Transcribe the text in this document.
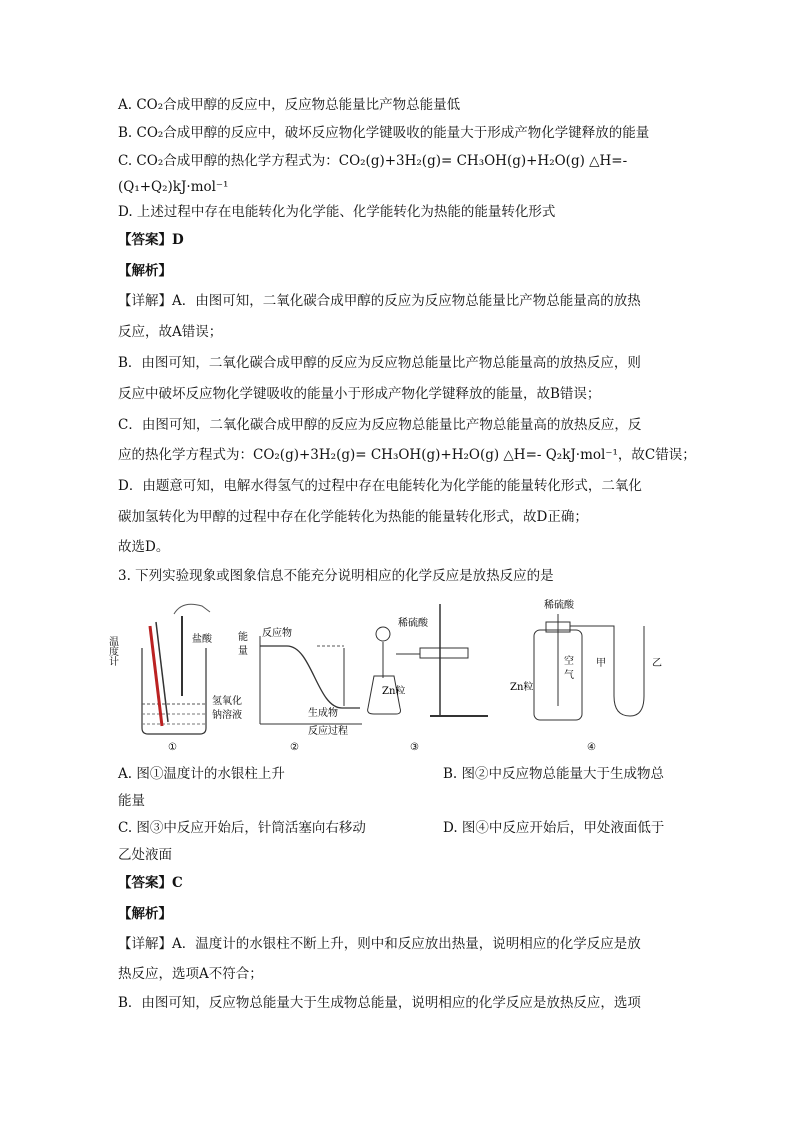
A. CO₂合成甲醇的反应中，反应物总能量比产物总能量低
B. CO₂合成甲醇的反应中，破坏反应物化学键吸收的能量大于形成产物化学键释放的能量
C. CO₂合成甲醇的热化学方程式为：CO₂(g)+3H₂(g)= CH₃OH(g)+H₂O(g) △H=-
(Q₁+Q₂)kJ·mol⁻¹
D. 上述过程中存在电能转化为化学能、化学能转化为热能的能量转化形式
【答案】D
【解析】
【详解】A．由图可知，二氧化碳合成甲醇的反应为反应物总能量比产物总能量高的放热
反应，故A错误；
B．由图可知，二氧化碳合成甲醇的反应为反应物总能量比产物总能量高的放热反应，则
反应中破坏反应物化学键吸收的能量小于形成产物化学键释放的能量，故B错误；
C．由图可知，二氧化碳合成甲醇的反应为反应物总能量比产物总能量高的放热反应，反
应的热化学方程式为：CO₂(g)+3H₂(g)= CH₃OH(g)+H₂O(g) △H=- Q₂kJ·mol⁻¹，故C错误；
D．由题意可知，电解水得氢气的过程中存在电能转化为化学能的能量转化形式，二氧化
碳加氢转化为甲醇的过程中存在化学能转化为热能的能量转化形式，故D正确；
故选D。
3. 下列实验现象或图象信息不能充分说明相应的化学反应是放热反应的是
温度计	盐酸
氢氧化
钠溶液
①
能
量
反应物
生成物
反应过程
②
稀硫酸
Zn粒
③
稀硫酸
空
气
Zn粒
甲	乙
④
A. 图①温度计的水银柱上升	B. 图②中反应物总能量大于生成物总
能量
C. 图③中反应开始后，针筒活塞向右移动	D. 图④中反应开始后，甲处液面低于
乙处液面
【答案】C
【解析】
【详解】A．温度计的水银柱不断上升，则中和反应放出热量，说明相应的化学反应是放
热反应，选项A不符合；
B．由图可知，反应物总能量大于生成物总能量，说明相应的化学反应是放热反应，选项
